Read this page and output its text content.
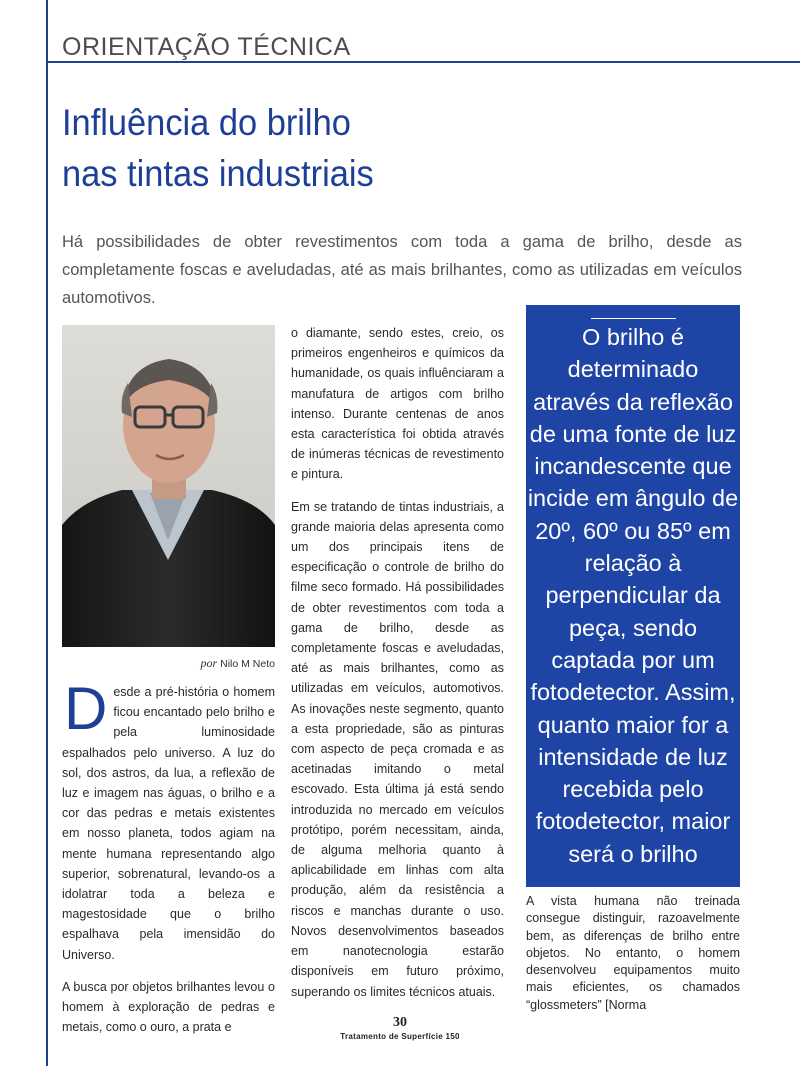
ORIENTAÇÃO TÉCNICA
Influência do brilho
nas tintas industriais
Há possibilidades de obter revestimentos com toda a gama de brilho, desde as completamente foscas e aveludadas, até as mais brilhantes, como as utilizadas em veículos automotivos.
por Nilo M Neto

Desde a pré-história o homem ficou encantado pelo brilho e pela luminosidade espalhados pelo universo. A luz do sol, dos astros, da lua, a reflexão de luz e imagem nas águas, o brilho e a cor das pedras e metais existentes em nosso planeta, todos agiam na mente humana representando algo superior, sobrenatural, levando-os a idolatrar toda a beleza e magestosidade que o brilho espalhava pela imensidão do Universo.

A busca por objetos brilhantes levou o homem à exploração de pedras e metais, como o ouro, a prata e

o diamante, sendo estes, creio, os primeiros engenheiros e químicos da humanidade, os quais influênciaram a manufatura de artigos com brilho intenso. Durante centenas de anos esta característica foi obtida através de inúmeras técnicas de revestimento e pintura.

Em se tratando de tintas industriais, a grande maioria delas apresenta como um dos principais itens de especificação o controle de brilho do filme seco formado. Há possibilidades de obter revestimentos com toda a gama de brilho, desde as completamente foscas e aveludadas, até as mais brilhantes, como as utilizadas em veículos, automotivos. As inovações neste segmento, quanto a esta propriedade, são as pinturas com aspecto de peça cromada e as acetinadas imitando o metal escovado. Esta última já está sendo introduzida no mercado em veículos protótipo, porém necessitam, ainda, de alguma melhoria quanto à aplicabilidade em linhas com alta produção, além da resistência a riscos e manchas durante o uso. Novos desenvolvimentos baseados em nanotecnologia estarão disponíveis em futuro próximo, superando os limites técnicos atuais.

O brilho é determinado através da reflexão de uma fonte de luz incandescente que incide em ângulo de 20º, 60º ou 85º em relação à perpendicular da peça, sendo captada por um fotodetector. Assim, quanto maior for a intensidade de luz recebida pelo fotodetector, maior será o brilho

A vista humana não treinada consegue distinguir, razoavelmente bem, as diferenças de brilho entre objetos. No entanto, o homem desenvolveu equipamentos muito mais eficientes, os chamados “glossmeters” [Norma

30
Tratamento de Superfície 150
